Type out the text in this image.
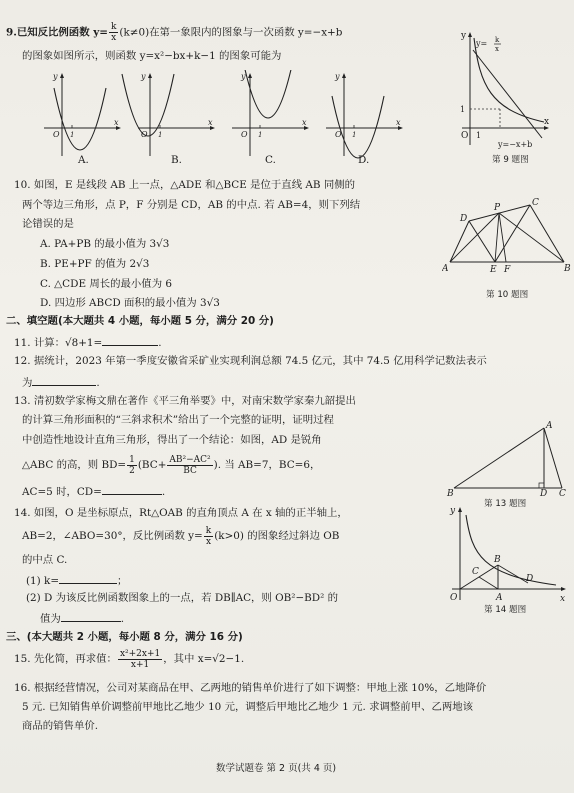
9.已知反比例函数 $y= \frac{k}{x} (k\ne 0)$在第一象限内的图象与一次函数 y=−x+b
的图象如图所示，则函数 y=x²−bx+k−1 的图象可能为
y
x
O 1
y
x
O 1
y
x
O 1
y
x
O 1
A.	B.	C.	D.
y
x
O 1
1
y= k
x
y=−x+b
第 9 题图
10. 如图，E 是线段 AB 上一点，△ADE 和△BCE 是位于直线 AB 同侧的
两个等边三角形，点 P，F 分别是 CD，AB 的中点. 若 AB=4，则下列结
论错误的是
A. PA+PB 的最小值为 3√3
B. PE+PF 的值为 2√3
C. △CDE 周长的最小值为 6
D. 四边形 ABCD 面积的最小值为 3√3
A	B
C
D
E F
P
第 10 题图
二、填空题(本大题共 4 小题，每小题 5 分，满分 20 分)
11. 计算：√8+1=	.
12. 据统计，2023 年第一季度安徽省采矿业实现利润总额 74.5 亿元，其中 74.5 亿用科学记数法表示
为	.
13. 清初数学家梅文鼎在著作《平三角举要》中，对南宋数学家秦九韶提出
的计算三角形面积的“三斜求积术”给出了一个完整的证明，证明过程
中创造性地设计直角三角形，得出了一个结论：如图，AD 是锐角
△ABC 的高，则 $BD= \frac{1}{2} (BC+ \frac{\text{AB²−AC²}}{BC}$ ). 当 AB=7，BC=6，
AC=5 时，CD=	.
A
B	C
D
第 13 题图
14. 如图，O 是坐标原点，Rt△OAB 的直角顶点 A 在 x 轴的正半轴上，
AB=2，∠ABO=30°，反比例函数 $y= \frac{k}{x} (k>0)$ 的图象经过斜边 OB
的中点 C.
(1) k=	；
(2) D 为该反比例函数图象上的一点，若 DB∥AC，则 OB²−BD² 的
值为	.
y
x
O	A
B
C
D
第 14 题图
三、(本大题共 2 小题，每小题 8 分，满分 16 分)
15. 先化简，再求值： $\frac{\text{x²+2x+1}}{x+1}$ ，其中 x=√2−1.
16. 根据经营情况，公司对某商品在甲、乙两地的销售单价进行了如下调整：甲地上涨 10%，乙地降价
5 元. 已知销售单价调整前甲地比乙地少 10 元，调整后甲地比乙地少 1 元. 求调整前甲、乙两地该
商品的销售单价.
数学试题卷 第 2 页(共 4 页)
